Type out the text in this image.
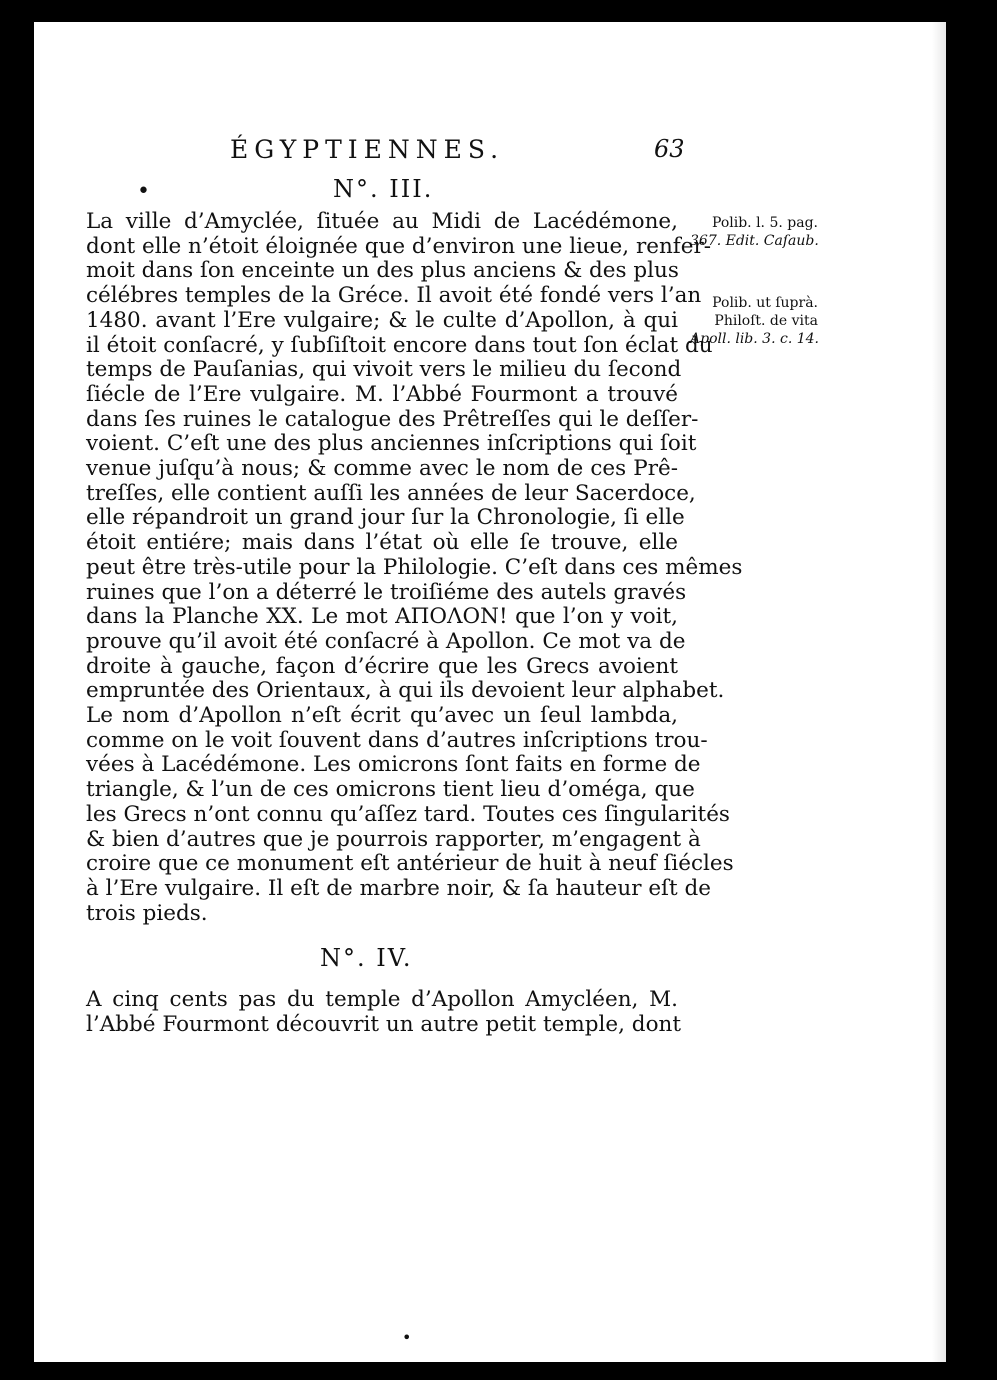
ÉGYPTIENNES.	63
•	N°. III.
La ville d’Amyclée, ſituée au Midi de Lacédémone,
dont elle n’étoit éloignée que d’environ une lieue, renfer-
moit dans ſon enceinte un des plus anciens & des plus
célébres temples de la Gréce. Il avoit été fondé vers l’an
1480. avant l’Ere vulgaire; & le culte d’Apollon, à qui
il étoit conſacré, y ſubſiſtoit encore dans tout ſon éclat du
temps de Pauſanias, qui vivoit vers le milieu du ſecond
ſiécle de l’Ere vulgaire. M. l’Abbé Fourmont a trouvé
dans ſes ruines le catalogue des Prêtreſſes qui le deſſer-
voient. C’eſt une des plus anciennes inſcriptions qui ſoit
venue juſqu’à nous; & comme avec le nom de ces Prê-
treſſes, elle contient auſſi les années de leur Sacerdoce,
elle répandroit un grand jour ſur la Chronologie, ſi elle
étoit entiére; mais dans l’état où elle ſe trouve, elle
peut être très-utile pour la Philologie. C’eſt dans ces mêmes
ruines que l’on a déterré le troiſiéme des autels gravés
dans la Planche XX. Le mot ΑΠΟΛΟΝ! que l’on y voit,
prouve qu’il avoit été conſacré à Apollon. Ce mot va de
droite à gauche, façon d’écrire que les Grecs avoient
empruntée des Orientaux, à qui ils devoient leur alphabet.
Le nom d’Apollon n’eſt écrit qu’avec un ſeul lambda,
comme on le voit ſouvent dans d’autres inſcriptions trou-
vées à Lacédémone. Les omicrons ſont faits en forme de
triangle, & l’un de ces omicrons tient lieu d’oméga, que
les Grecs n’ont connu qu’aſſez tard. Toutes ces ſingularités
& bien d’autres que je pourrois rapporter, m’engagent à
croire que ce monument eſt antérieur de huit à neuf ſiécles
à l’Ere vulgaire. Il eſt de marbre noir, & ſa hauteur eſt de
trois pieds.
N°. IV.
A cinq cents pas du temple d’Apollon Amycléen, M.
l’Abbé Fourmont découvrit un autre petit temple, dont
Polib. l. 5. pag.
367. Edit. Caſaub.
Polib. ut ſuprà.
Philoſt. de vita
Apoll. lib. 3. c. 14.
•
